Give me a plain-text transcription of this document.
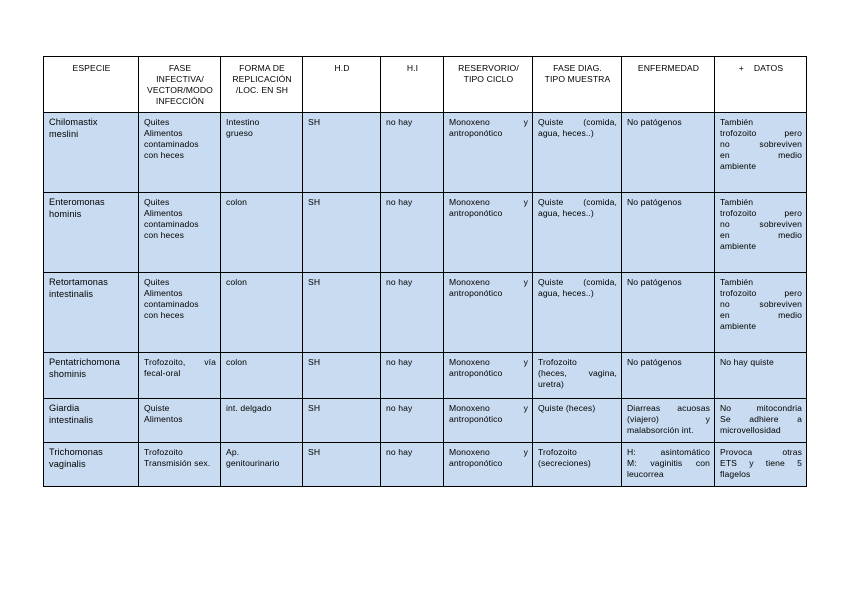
ESPECIE	FASE
INFECTIVA/
VECTOR/MODO
INFECCIÓN	FORMA DE
REPLICACIÓN
/LOC. EN SH	H.D	H.I	RESERVORIO/
TIPO CICLO	FASE DIAG.
TIPO MUESTRA	ENFERMEDAD	+    DATOS

Chilomastix
meslini	Quites
Alimentos
contaminados
con heces	Intestino
grueso	SH	no hay	Monoxeno y
antroponótico	Quiste (comida,
agua, heces..)	No patógenos	También
trofozoito pero
no sobreviven
en medio
ambiente

Enteromonas
hominis	Quites
Alimentos
contaminados
con heces	colon	SH	no hay	Monoxeno y
antroponótico	Quiste (comida,
agua, heces..)	No patógenos	También
trofozoito pero
no sobreviven
en medio
ambiente

Retortamonas
intestinalis	Quites
Alimentos
contaminados
con heces	colon	SH	no hay	Monoxeno y
antroponótico	Quiste (comida,
agua, heces..)	No patógenos	También
trofozoito pero
no sobreviven
en medio
ambiente

Pentatrichomona
shominis	Trofozoito, vía
fecal-oral	colon	SH	no hay	Monoxeno y
antroponótico	Trofozoito
(heces, vagina,
uretra)	No patógenos	No hay quiste

Giardia
intestinalis	Quiste
Alimentos	int. delgado	SH	no hay	Monoxeno y
antroponótico	Quiste (heces)	Diarreas acuosas
(viajero) y
malabsorción int.	No mitocondria
Se adhiere a
microvellosidad

Trichomonas
vaginalis	Trofozoito
Transmisión sex.	Ap.
genitourinario	SH	no hay	Monoxeno y
antroponótico	Trofozoito
(secreciones)	H: asintomático
M: vaginitis con
leucorrea	Provoca otras
ETS y tiene 5
flagelos
